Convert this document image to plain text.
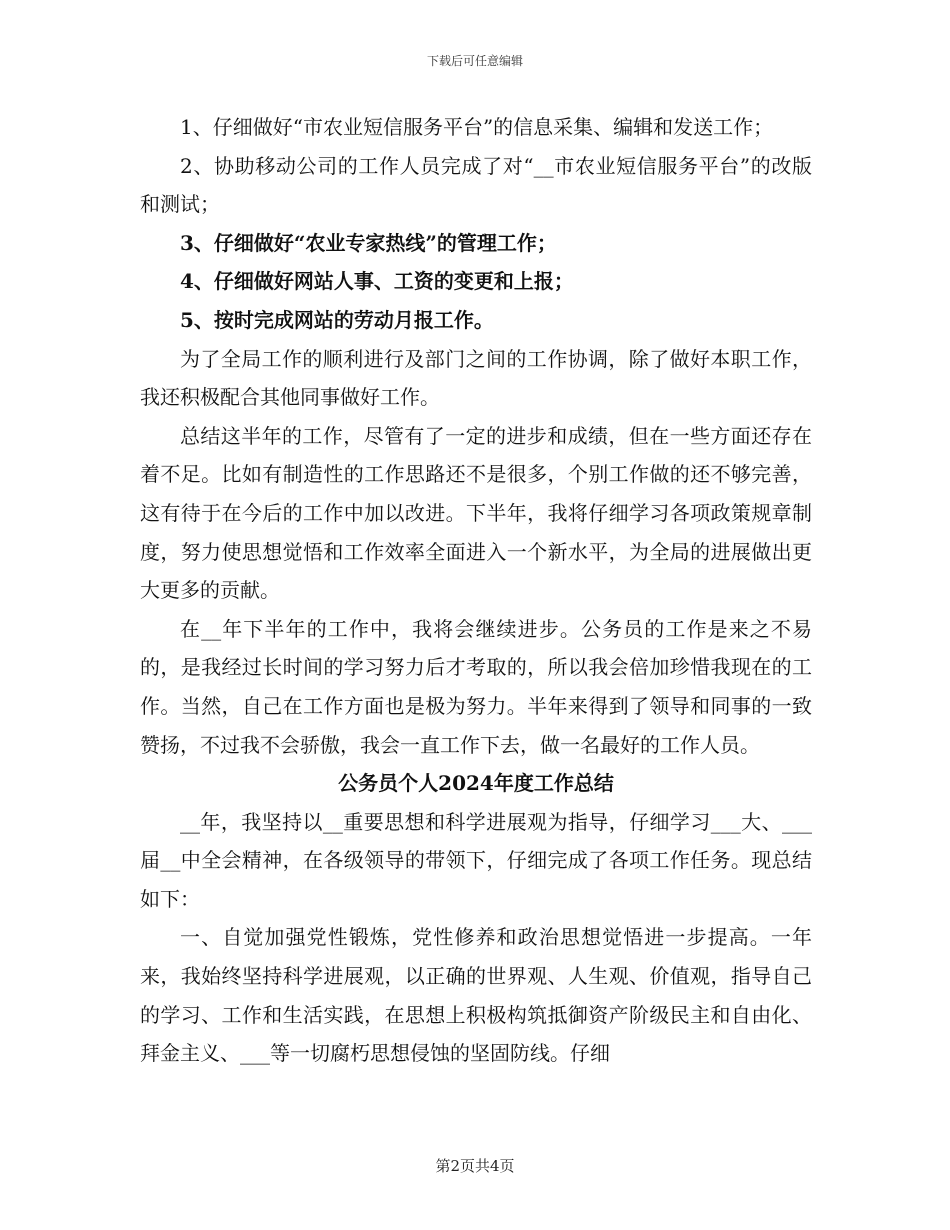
下载后可任意编辑

1、仔细做好“市农业短信服务平台”的信息采集、编辑和发送工作；

2、协助移动公司的工作人员完成了对“__市农业短信服务平台”的改版和测试；

3、仔细做好“农业专家热线”的管理工作；

4、仔细做好网站人事、工资的变更和上报；

5、按时完成网站的劳动月报工作。

为了全局工作的顺利进行及部门之间的工作协调，除了做好本职工作，我还积极配合其他同事做好工作。

总结这半年的工作，尽管有了一定的进步和成绩，但在一些方面还存在着不足。比如有制造性的工作思路还不是很多，个别工作做的还不够完善，这有待于在今后的工作中加以改进。下半年，我将仔细学习各项政策规章制度，努力使思想觉悟和工作效率全面进入一个新水平，为全局的进展做出更大更多的贡献。

在__年下半年的工作中，我将会继续进步。公务员的工作是来之不易的，是我经过长时间的学习努力后才考取的，所以我会倍加珍惜我现在的工作。当然，自己在工作方面也是极为努力。半年来得到了领导和同事的一致赞扬，不过我不会骄傲，我会一直工作下去，做一名最好的工作人员。

公务员个人2024年度工作总结

__年，我坚持以__重要思想和科学进展观为指导，仔细学习___大、___届__中全会精神，在各级领导的带领下，仔细完成了各项工作任务。现总结如下：

一、自觉加强党性锻炼，党性修养和政治思想觉悟进一步提高。一年来，我始终坚持科学进展观，以正确的世界观、人生观、价值观，指导自己的学习、工作和生活实践，在思想上积极构筑抵御资产阶级民主和自由化、拜金主义、___等一切腐朽思想侵蚀的坚固防线。仔细

第2页共4页
